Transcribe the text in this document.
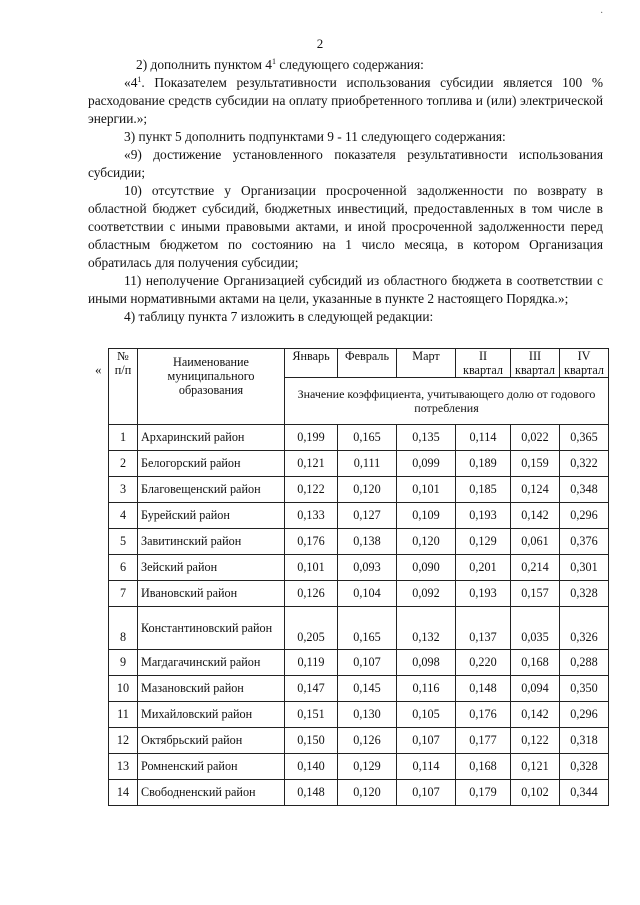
·
2

2) дополнить пунктом $4^1$ следующего содержания:

«$4^1$. Показателем результативности использования субсидии является 100 % расходование средств субсидии на оплату приобретенного топлива и (или) электрической энергии.»;

3) пункт 5 дополнить подпунктами 9 - 11 следующего содержания:

«9) достижение установленного показателя результативности использования субсидии;

10) отсутствие у Организации просроченной задолженности по возврату в областной бюджет субсидий, бюджетных инвестиций, предоставленных в том числе в соответствии с иными правовыми актами, и иной просроченной задолженности перед областным бюджетом по состоянию на 1 число месяца, в котором Организация обратилась для получения субсидии;

11) неполучение Организацией субсидий из областного бюджета в соответствии с иными нормативными актами на цели, указанные в пункте 2 настоящего Порядка.»;

4) таблицу пункта 7 изложить в следующей редакции:

«
№ п/п	Наименование муниципального образования	Январь	Февраль	Март	II квартал	III квартал	IV квартал
		Значение коэффициента, учитывающего долю от годового потребления					
1	Архаринский район	0,199	0,165	0,135	0,114	0,022	0,365
2	Белогорский район	0,121	0,111	0,099	0,189	0,159	0,322
3	Благовещенский район	0,122	0,120	0,101	0,185	0,124	0,348
4	Бурейский район	0,133	0,127	0,109	0,193	0,142	0,296
5	Завитинский район	0,176	0,138	0,120	0,129	0,061	0,376
6	Зейский район	0,101	0,093	0,090	0,201	0,214	0,301
7	Ивановский район	0,126	0,104	0,092	0,193	0,157	0,328
8	Константиновский район	0,205	0,165	0,132	0,137	0,035	0,326
9	Магдагачинский район	0,119	0,107	0,098	0,220	0,168	0,288
10	Мазановский район	0,147	0,145	0,116	0,148	0,094	0,350
11	Михайловский район	0,151	0,130	0,105	0,176	0,142	0,296
12	Октябрьский район	0,150	0,126	0,107	0,177	0,122	0,318
13	Ромненский район	0,140	0,129	0,114	0,168	0,121	0,328
14	Свободненский район	0,148	0,120	0,107	0,179	0,102	0,344
